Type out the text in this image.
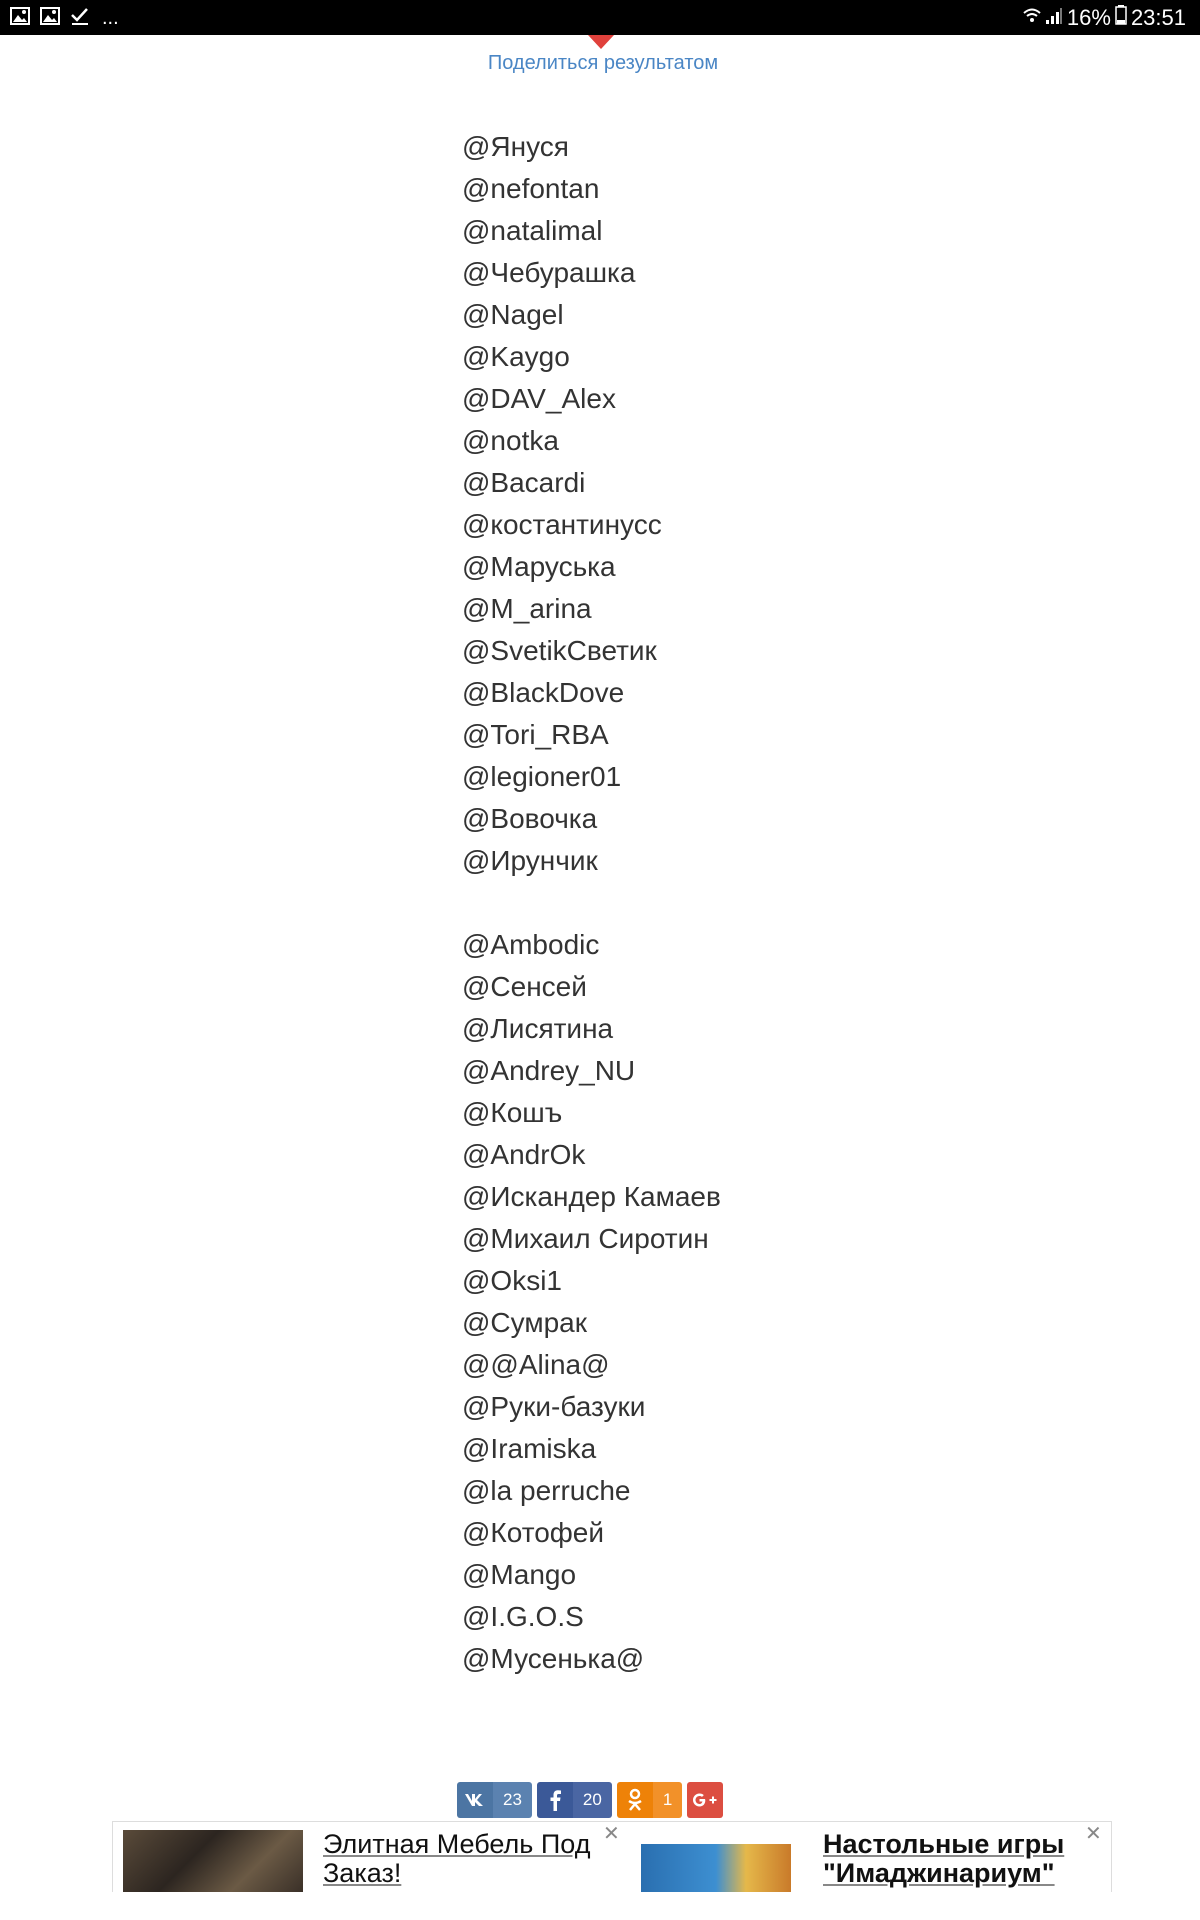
...	16% 23:51
Поделиться результатом
@Януся
@nefontan
@natalimal
@Чебурашка
@Nagel
@Kaygo
@DAV_Alex
@notka
@Bacardi
@костантинусс
@Маруська
@M_arina
@SvetikСветик
@BlackDove
@Tori_RBA
@legioner01
@Вовочка
@Ирунчик
@Ambodic
@Сенсей
@Лисятина
@Andrey_NU
@Кошъ
@AndrOk
@Искандер Камаев
@Михаил Сиротин
@Oksi1
@Сумрак
@@Alina@
@Руки-базуки
@Iramiska
@la perruche
@Котофей
@Mango
@I.G.O.S
@Мусенька@
23	20	1
Элитная Мебель Под Заказ!
✕	Настольные игры "Имаджинариум"
✕
